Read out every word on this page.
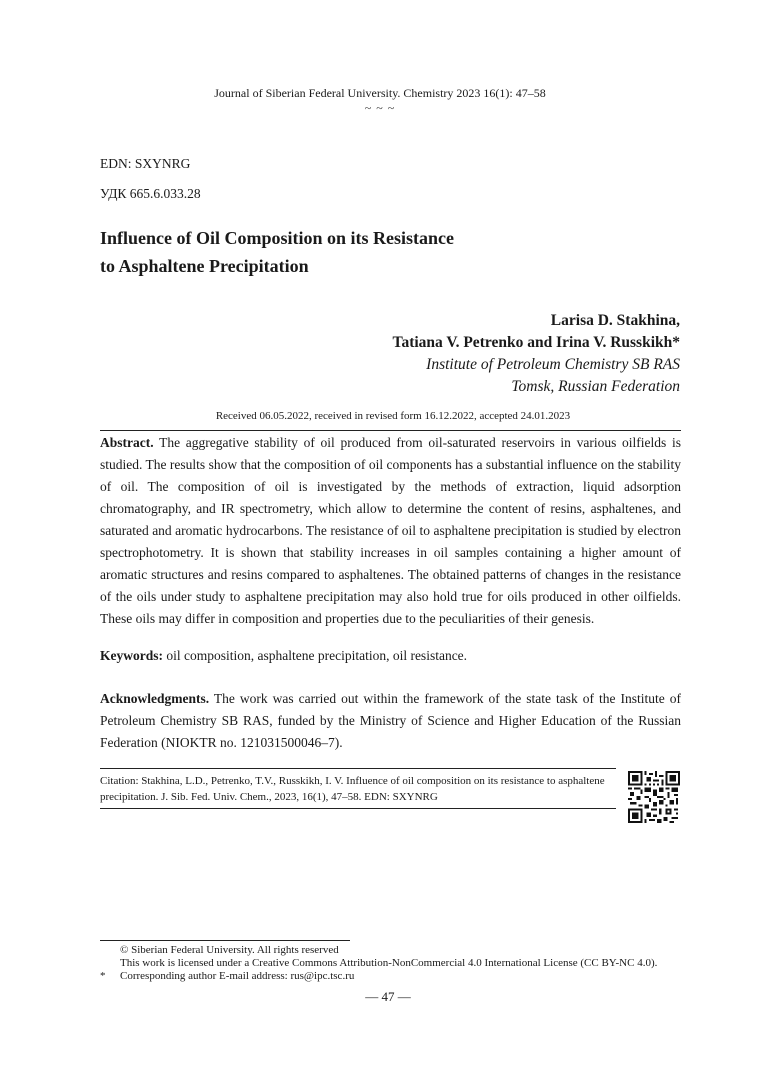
Journal of Siberian Federal University. Chemistry 2023 16(1): 47–58
~ ~ ~
EDN: SXYNRG
УДК 665.6.033.28
Influence of Oil Composition on its Resistance
to Asphaltene Precipitation
Larisa D. Stakhina,
Tatiana V. Petrenko and Irina V. Russkikh*
Institute of Petroleum Chemistry SB RAS
Tomsk, Russian Federation
Received 06.05.2022, received in revised form 16.12.2022, accepted 24.01.2023
Abstract. The aggregative stability of oil produced from oil-saturated reservoirs in various oilfields is studied. The results show that the composition of oil components has a substantial influence on the stability of oil. The composition of oil is investigated by the methods of extraction, liquid adsorption chromatography, and IR spectrometry, which allow to determine the content of resins, asphaltenes, and saturated and aromatic hydrocarbons. The resistance of oil to asphaltene precipitation is studied by electron spectrophotometry. It is shown that stability increases in oil samples containing a higher amount of aromatic structures and resins compared to asphaltenes. The obtained patterns of changes in the resistance of the oils under study to asphaltene precipitation may also hold true for oils produced in other oilfields. These oils may differ in composition and properties due to the peculiarities of their genesis.
Keywords: oil composition, asphaltene precipitation, oil resistance.
Acknowledgments. The work was carried out within the framework of the state task of the Institute of Petroleum Chemistry SB RAS, funded by the Ministry of Science and Higher Education of the Russian Federation (NIOKTR no. 121031500046–7).
Citation: Stakhina, L.D., Petrenko, T.V., Russkikh, I. V. Influence of oil composition on its resistance to asphaltene precipitation. J. Sib. Fed. Univ. Chem., 2023, 16(1), 47–58. EDN: SXYNRG
© Siberian Federal University. All rights reserved
This work is licensed under a Creative Commons Attribution-NonCommercial 4.0 International License (CC BY-NC 4.0).
* Corresponding author E-mail address: rus@ipc.tsc.ru
— 47 —
